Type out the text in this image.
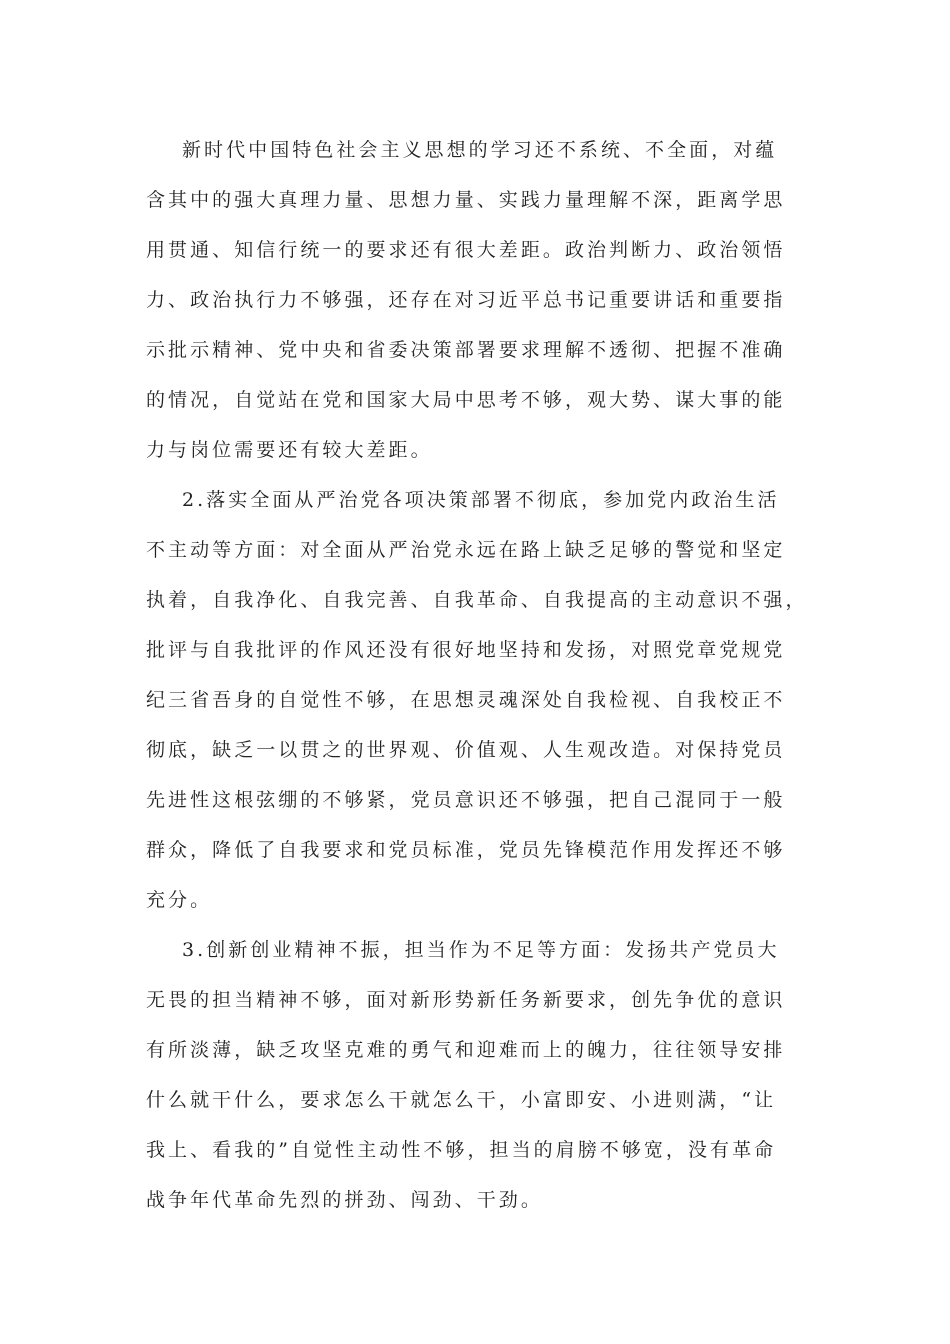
新时代中国特色社会主义思想的学习还不系统、不全面，对蕴
含其中的强大真理力量、思想力量、实践力量理解不深，距离学思
用贯通、知信行统一的要求还有很大差距。政治判断力、政治领悟
力、政治执行力不够强，还存在对习近平总书记重要讲话和重要指
示批示精神、党中央和省委决策部署要求理解不透彻、把握不准确
的情况，自觉站在党和国家大局中思考不够，观大势、谋大事的能
力与岗位需要还有较大差距。
2.落实全面从严治党各项决策部署不彻底，参加党内政治生活
不主动等方面：对全面从严治党永远在路上缺乏足够的警觉和坚定
执着，自我净化、自我完善、自我革命、自我提高的主动意识不强，
批评与自我批评的作风还没有很好地坚持和发扬，对照党章党规党
纪三省吾身的自觉性不够，在思想灵魂深处自我检视、自我校正不
彻底，缺乏一以贯之的世界观、价值观、人生观改造。对保持党员
先进性这根弦绷的不够紧，党员意识还不够强，把自己混同于一般
群众，降低了自我要求和党员标准，党员先锋模范作用发挥还不够
充分。
3.创新创业精神不振，担当作为不足等方面：发扬共产党员大
无畏的担当精神不够，面对新形势新任务新要求，创先争优的意识
有所淡薄，缺乏攻坚克难的勇气和迎难而上的魄力，往往领导安排
什么就干什么，要求怎么干就怎么干，小富即安、小进则满，“让
我上、看我的”自觉性主动性不够，担当的肩膀不够宽，没有革命
战争年代革命先烈的拼劲、闯劲、干劲。
